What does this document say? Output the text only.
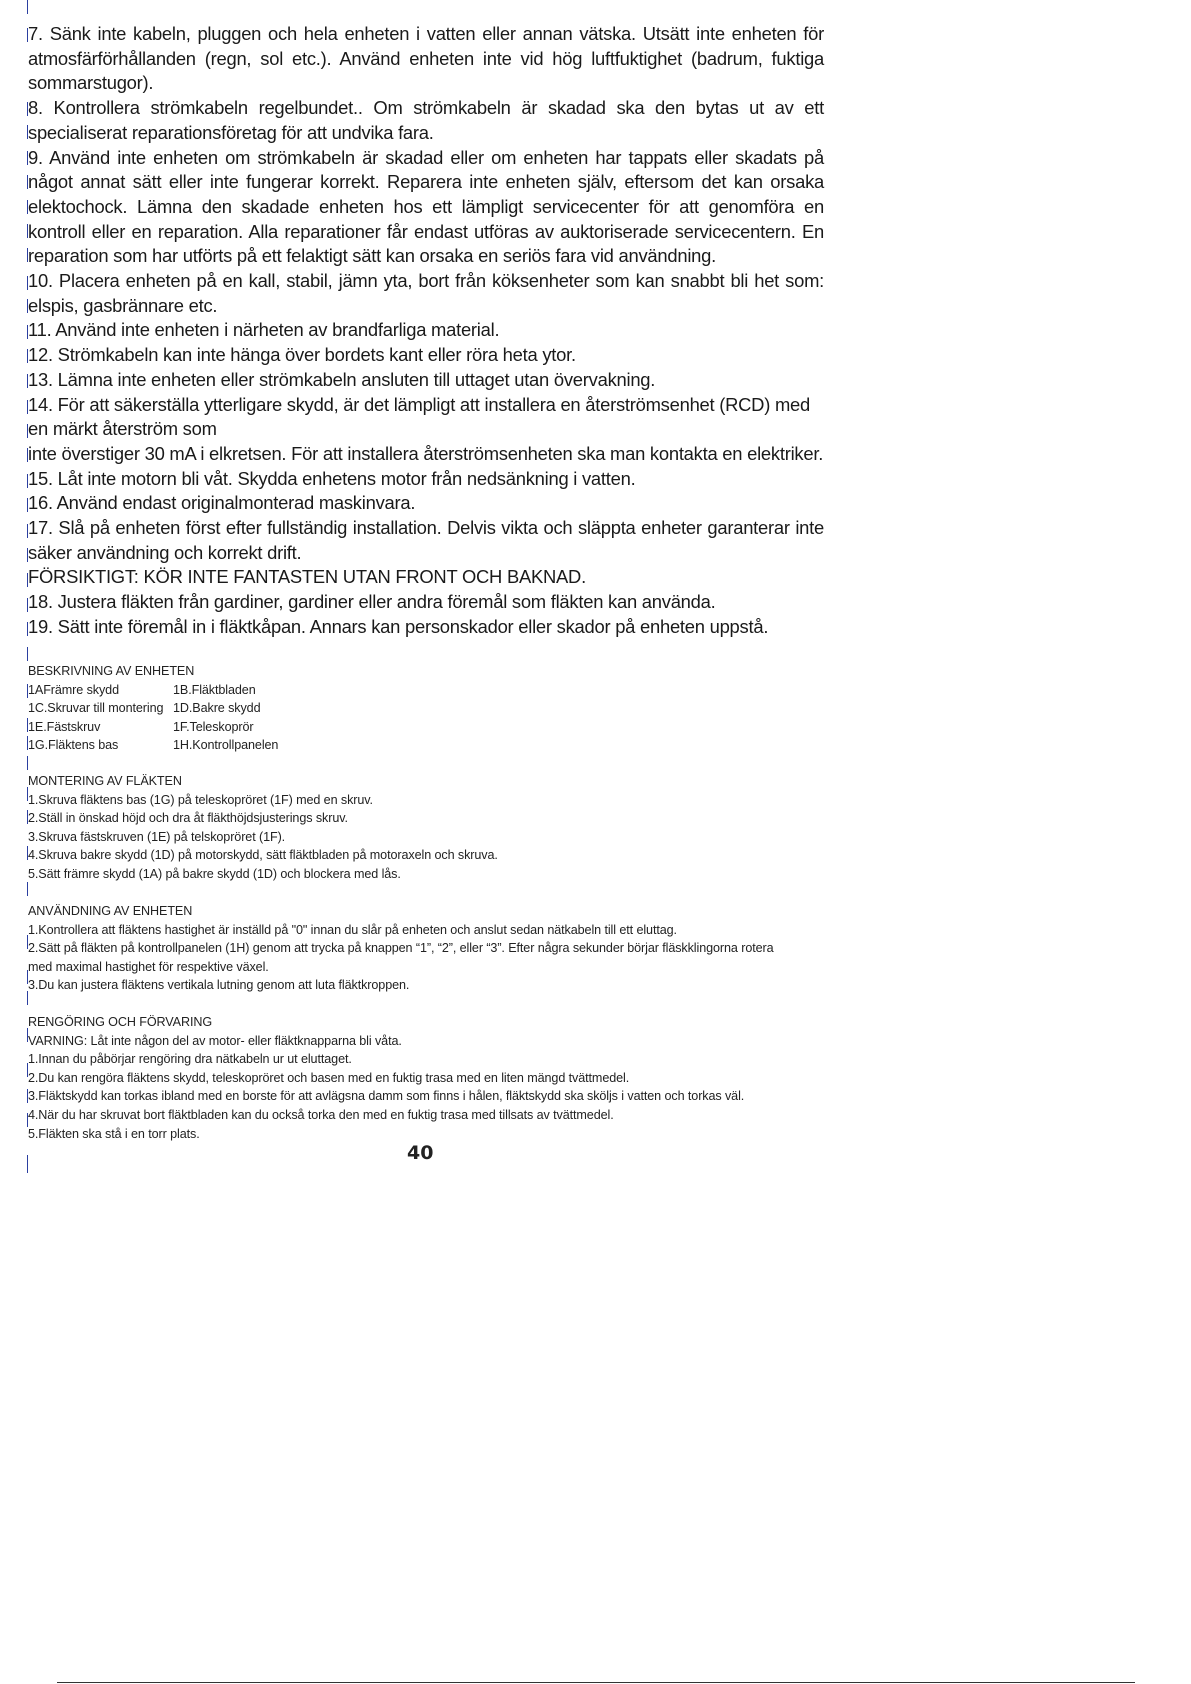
7. Sänk inte kabeln, pluggen och hela enheten i vatten eller annan vätska. Utsätt inte enheten för atmosfärförhållanden (regn, sol etc.). Använd enheten inte vid hög luftfuktighet (badrum, fuktiga sommarstugor).

8. Kontrollera strömkabeln regelbundet.. Om strömkabeln är skadad ska den bytas ut av ett specialiserat reparationsföretag för att undvika fara.

9. Använd inte enheten om strömkabeln är skadad eller om enheten har tappats eller skadats på något annat sätt eller inte fungerar korrekt. Reparera inte enheten själv, eftersom det kan orsaka elektochock. Lämna den skadade enheten hos ett lämpligt servicecenter för att genomföra en kontroll eller en reparation. Alla reparationer får endast utföras av auktoriserade servicecentern. En reparation som har utförts på ett felaktigt sätt kan orsaka en seriös fara vid användning.

10. Placera enheten på en kall, stabil, jämn yta, bort från köksenheter som kan snabbt bli het som: elspis, gasbrännare etc.

11. Använd inte enheten i närheten av brandfarliga material.

12. Strömkabeln kan inte hänga över bordets kant eller röra heta ytor.

13. Lämna inte enheten eller strömkabeln ansluten till uttaget utan övervakning.

14. För att säkerställa ytterligare skydd, är det lämpligt att installera en återströmsenhet (RCD) med en märkt återström som

inte överstiger 30 mA i elkretsen. För att installera återströmsenheten ska man kontakta en elektriker.

15. Låt inte motorn bli våt. Skydda enhetens motor från nedsänkning i vatten.

16. Använd endast originalmonterad maskinvara.

17. Slå på enheten först efter fullständig installation. Delvis vikta och släppta enheter garanterar inte säker användning och korrekt drift.

FÖRSIKTIGT: KÖR INTE FANTASTEN UTAN FRONT OCH BAKNAD.

18. Justera fläkten från gardiner, gardiner eller andra föremål som fläkten kan använda.

19. Sätt inte föremål in i fläktkåpan. Annars kan personskador eller skador på enheten uppstå.

BESKRIVNING AV ENHETEN
1AFrämre skydd	1B.Fläktbladen
1C.Skruvar till montering	1D.Bakre skydd
1E.Fästskruv	1F.Teleskoprör
1G.Fläktens bas	1H.Kontrollpanelen
MONTERING AV FLÄKTEN
1.Skruva fläktens bas (1G) på teleskopröret (1F) med en skruv.
2.Ställ in önskad höjd och dra åt fläkthöjdsjusterings skruv.
3.Skruva fästskruven (1E) på telskopröret (1F).
4.Skruva bakre skydd (1D) på motorskydd, sätt fläktbladen på motoraxeln och skruva.
5.Sätt främre skydd (1A) på bakre skydd (1D) och blockera med lås.
ANVÄNDNING AV ENHETEN
1.Kontrollera att fläktens hastighet är inställd på "0" innan du slår på enheten och anslut sedan nätkabeln till ett eluttag.
2.Sätt på fläkten på kontrollpanelen (1H) genom att trycka på knappen “1”, “2”, eller “3”. Efter några sekunder börjar fläskklingorna rotera
med maximal hastighet för respektive växel.
3.Du kan justera fläktens vertikala lutning genom att luta fläktkroppen.
RENGÖRING OCH FÖRVARING
VARNING: Låt inte någon del av motor- eller fläktknapparna bli våta.
1.Innan du påbörjar rengöring dra nätkabeln ur ut eluttaget.
2.Du kan rengöra fläktens skydd, teleskopröret och basen med en fuktig trasa med en liten mängd tvättmedel.
3.Fläktskydd kan torkas ibland med en borste för att avlägsna damm som finns i hålen, fläktskydd ska sköljs i vatten och torkas väl.
4.När du har skruvat bort fläktbladen kan du också torka den med en fuktig trasa med tillsats av tvättmedel.
5.Fläkten ska stå i en torr plats.
40
